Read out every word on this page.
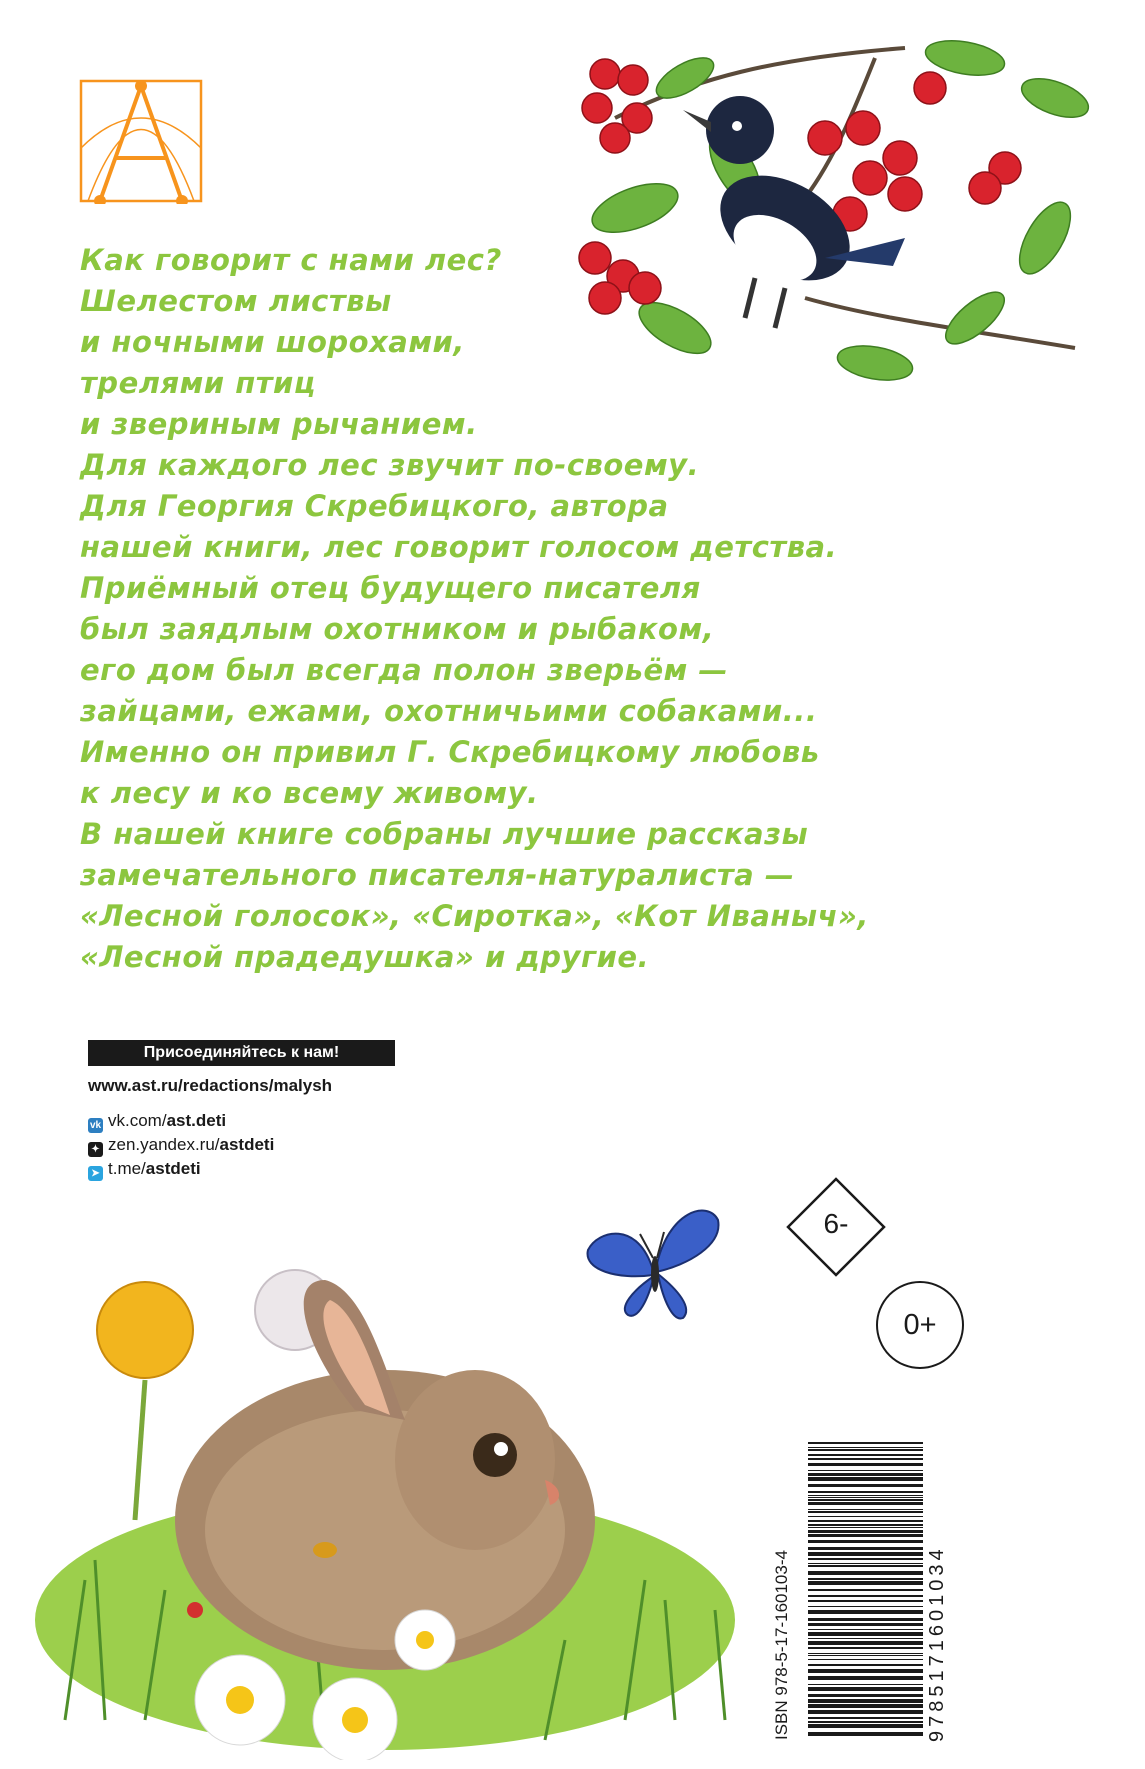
Как говорит с нами лес?
Шелестом листвы
и ночными шорохами,
трелями птиц
и звериным рычанием.
Для каждого лес звучит по-своему.
Для Георгия Скребицкого, автора
нашей книги, лес говорит голосом детства.
Приёмный отец будущего писателя
был заядлым охотником и рыбаком,
его дом был всегда полон зверьём —
зайцами, ежами, охотничьими собаками...
Именно он привил Г. Скребицкому любовь
к лесу и ко всему живому.
В нашей книге собраны лучшие рассказы
замечательного писателя-натуралиста —
«Лесной голосок», «Сиротка», «Кот Иваныч»,
«Лесной прадедушка» и другие.
Присоединяйтесь к нам!
www.ast.ru/redactions/malysh
vk vk.com/ast.deti
✦ zen.yandex.ru/astdeti
➤ t.me/astdeti
6-
0+
ISBN 978-5-17-160103-4	9785171601034
